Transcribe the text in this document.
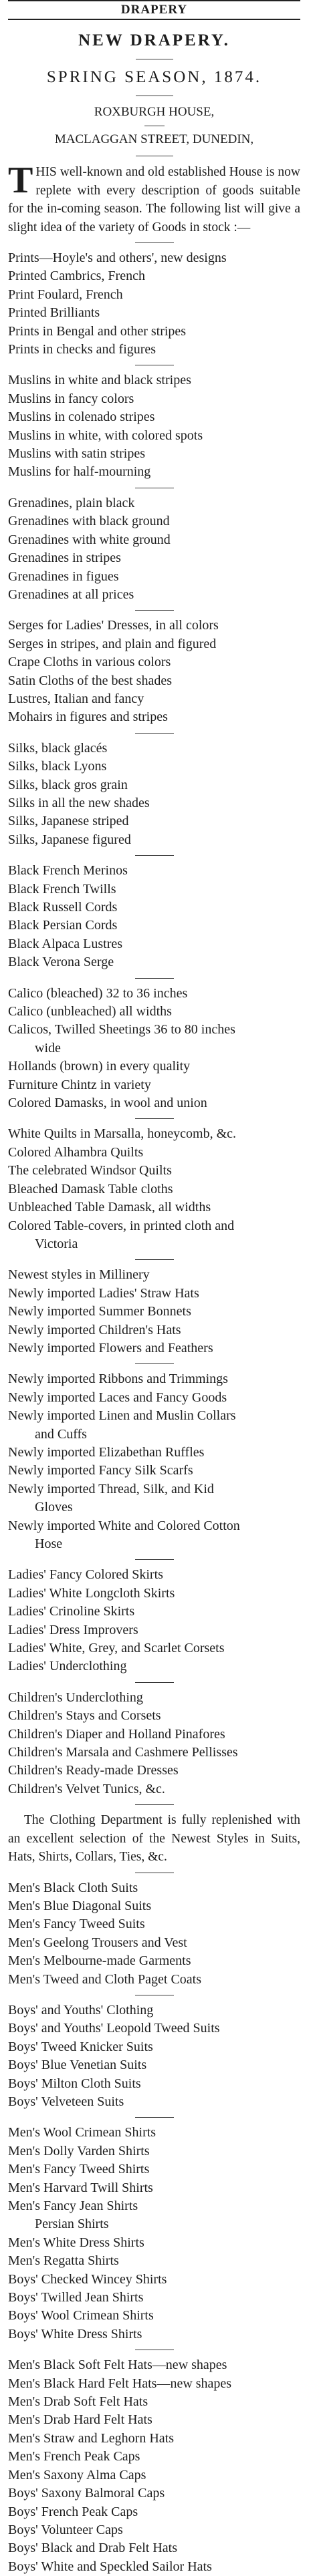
DRAPERY
NEW DRAPERY.
SPRING SEASON, 1874.
ROXBURGH HOUSE,
MACLAGGAN STREET, DUNEDIN,
THIS well-known and old established House is now replete with every description of goods suitable for the in-coming season. The following list will give a slight idea of the variety of Goods in stock :—
Prints—Hoyle's and others', new designs
Printed Cambrics, French
Print Foulard, French
Printed Brilliants
Prints in Bengal and other stripes
Prints in checks and figures
Muslins in white and black stripes
Muslins in fancy colors
Muslins in colenado stripes
Muslins in white, with colored spots
Muslins with satin stripes
Muslins for half-mourning
Grenadines, plain black
Grenadines with black ground
Grenadines with white ground
Grenadines in stripes
Grenadines in figues
Grenadines at all prices
Serges for Ladies' Dresses, in all colors
Serges in stripes, and plain and figured
Crape Cloths in various colors
Satin Cloths of the best shades
Lustres, Italian and fancy
Mohairs in figures and stripes
Silks, black glacés
Silks, black Lyons
Silks, black gros grain
Silks in all the new shades
Silks, Japanese striped
Silks, Japanese figured
Black French Merinos
Black French Twills
Black Russell Cords
Black Persian Cords
Black Alpaca Lustres
Black Verona Serge
Calico (bleached) 32 to 36 inches
Calico (unbleached) all widths
Calicos, Twilled Sheetings 36 to 80 inches
wide
Hollands (brown) in every quality
Furniture Chintz in variety
Colored Damasks, in wool and union
White Quilts in Marsalla, honeycomb, &c.
Colored Alhambra Quilts
The celebrated Windsor Quilts
Bleached Damask Table cloths
Unbleached Table Damask, all widths
Colored Table-covers, in printed cloth and
Victoria
Newest styles in Millinery
Newly imported Ladies' Straw Hats
Newly imported Summer Bonnets
Newly imported Children's Hats
Newly imported Flowers and Feathers
Newly imported Ribbons and Trimmings
Newly imported Laces and Fancy Goods
Newly imported Linen and Muslin Collars
and Cuffs
Newly imported Elizabethan Ruffles
Newly imported Fancy Silk Scarfs
Newly imported Thread, Silk, and Kid
Gloves
Newly imported White and Colored Cotton
Hose
Ladies' Fancy Colored Skirts
Ladies' White Longcloth Skirts
Ladies' Crinoline Skirts
Ladies' Dress Improvers
Ladies' White, Grey, and Scarlet Corsets
Ladies' Underclothing
Children's Underclothing
Children's Stays and Corsets
Children's Diaper and Holland Pinafores
Children's Marsala and Cashmere Pellisses
Children's Ready-made Dresses
Children's Velvet Tunics, &c.
The Clothing Department is fully replenished with an excellent selection of the Newest Styles in Suits, Hats, Shirts, Collars, Ties, &c.
Men's Black Cloth Suits
Men's Blue Diagonal Suits
Men's Fancy Tweed Suits
Men's Geelong Trousers and Vest
Men's Melbourne-made Garments
Men's Tweed and Cloth Paget Coats
Boys' and Youths' Clothing
Boys' and Youths' Leopold Tweed Suits
Boys' Tweed Knicker Suits
Boys' Blue Venetian Suits
Boys' Milton Cloth Suits
Boys' Velveteen Suits
Men's Wool Crimean Shirts
Men's Dolly Varden Shirts
Men's Fancy Tweed Shirts
Men's Harvard Twill Shirts
Men's Fancy Jean Shirts
Persian Shirts
Men's White Dress Shirts
Men's Regatta Shirts
Boys' Checked Wincey Shirts
Boys' Twilled Jean Shirts
Boys' Wool Crimean Shirts
Boys' White Dress Shirts
Men's Black Soft Felt Hats—new shapes
Men's Black Hard Felt Hats—new shapes
Men's Drab Soft Felt Hats
Men's Drab Hard Felt Hats
Men's Straw and Leghorn Hats
Men's French Peak Caps
Men's Saxony Alma Caps
Boys' Saxony Balmoral Caps
Boys' French Peak Caps
Boys' Volunteer Caps
Boys' Black and Drab Felt Hats
Boys' White and Speckled Sailor Hats
